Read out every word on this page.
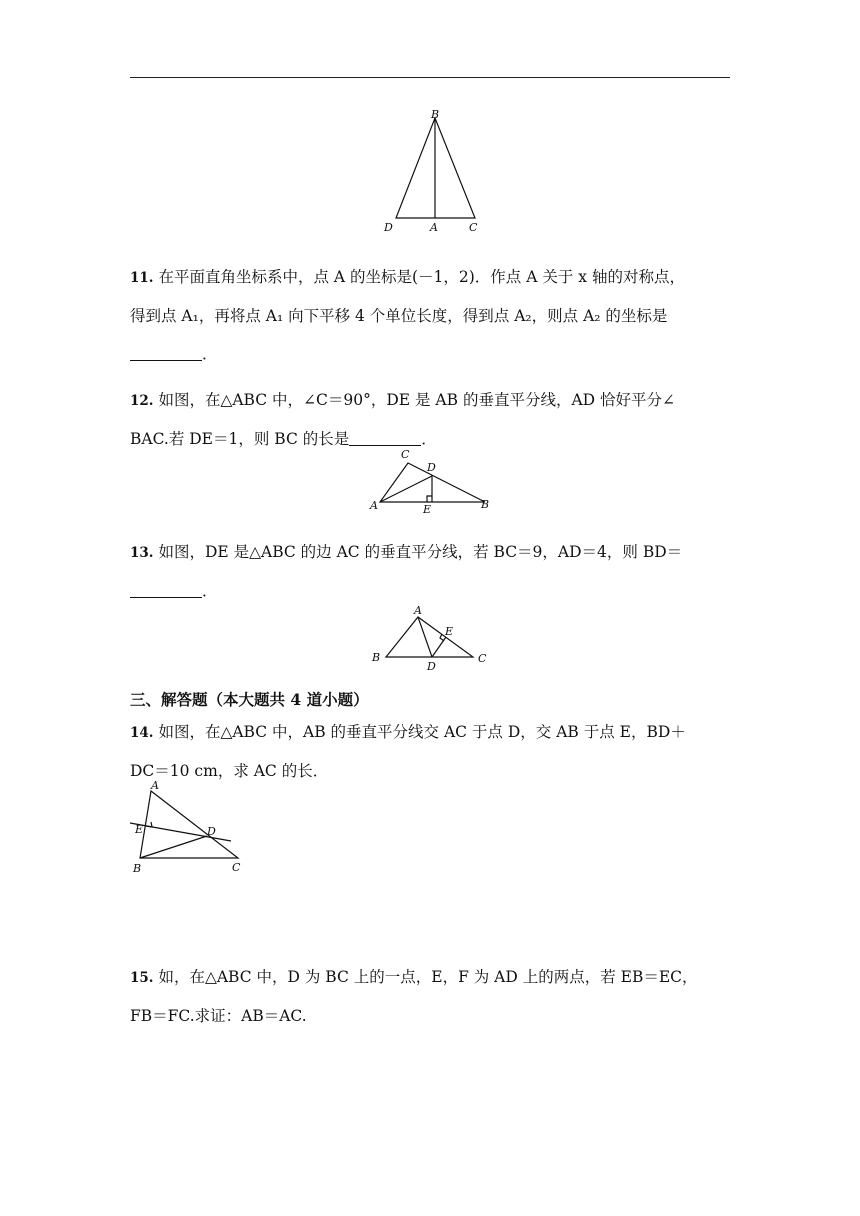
B
D	A	C
11. 在平面直角坐标系中，点 A 的坐标是(－1，2)．作点 A 关于 x 轴的对称点，
得到点 A₁，再将点 A₁ 向下平移 4 个单位长度，得到点 A₂，则点 A₂ 的坐标是
．
12. 如图，在△ABC 中，∠C＝90°，DE 是 AB 的垂直平分线，AD 恰好平分∠
BAC.若 DE＝1，则 BC 的长是	．
C
D
A	E	B
13. 如图，DE 是△ABC 的边 AC 的垂直平分线，若 BC＝9，AD＝4，则 BD＝
．
A
E
B
D
C
三、解答题（本大题共 4 道小题）
14. 如图，在△ABC 中，AB 的垂直平分线交 AC 于点 D，交 AB 于点 E，BD＋
DC＝10 cm，求 AC 的长．
A
E	D
B	C
15. 如，在△ABC 中，D 为 BC 上的一点，E，F 为 AD 上的两点，若 EB＝EC，
FB＝FC.求证：AB＝AC.
